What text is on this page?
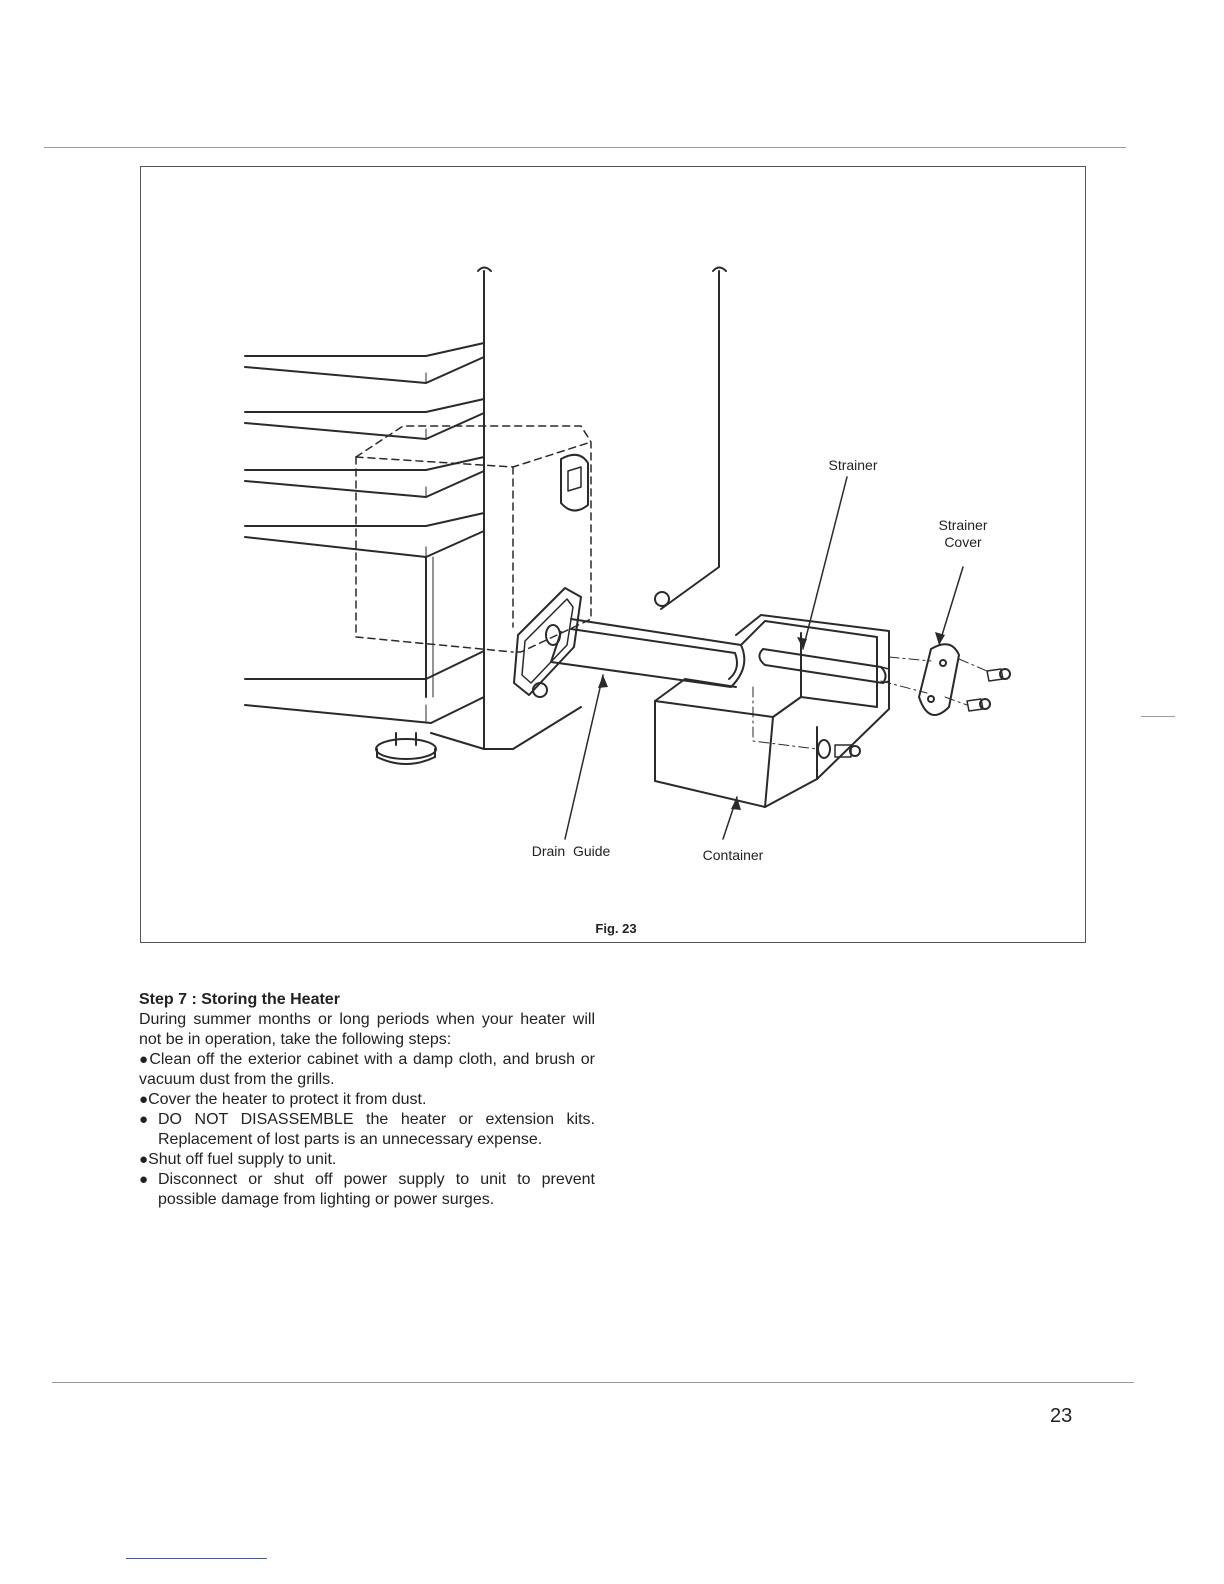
Strainer
Strainer
Cover
Drain  Guide	Container
Fig. 23
Step 7 : Storing the Heater

During summer months or long periods when your heater will not be in operation, take the following steps:

●Clean off the exterior cabinet with a damp cloth, and brush or vacuum dust from the grills.
●Cover the heater to protect it from dust.
● DO NOT DISASSEMBLE the heater or extension kits. Replacement of lost parts is an unnecessary expense.
●Shut off fuel supply to unit.
● Disconnect or shut off power supply to unit to prevent possible damage from lighting or power surges.
23
